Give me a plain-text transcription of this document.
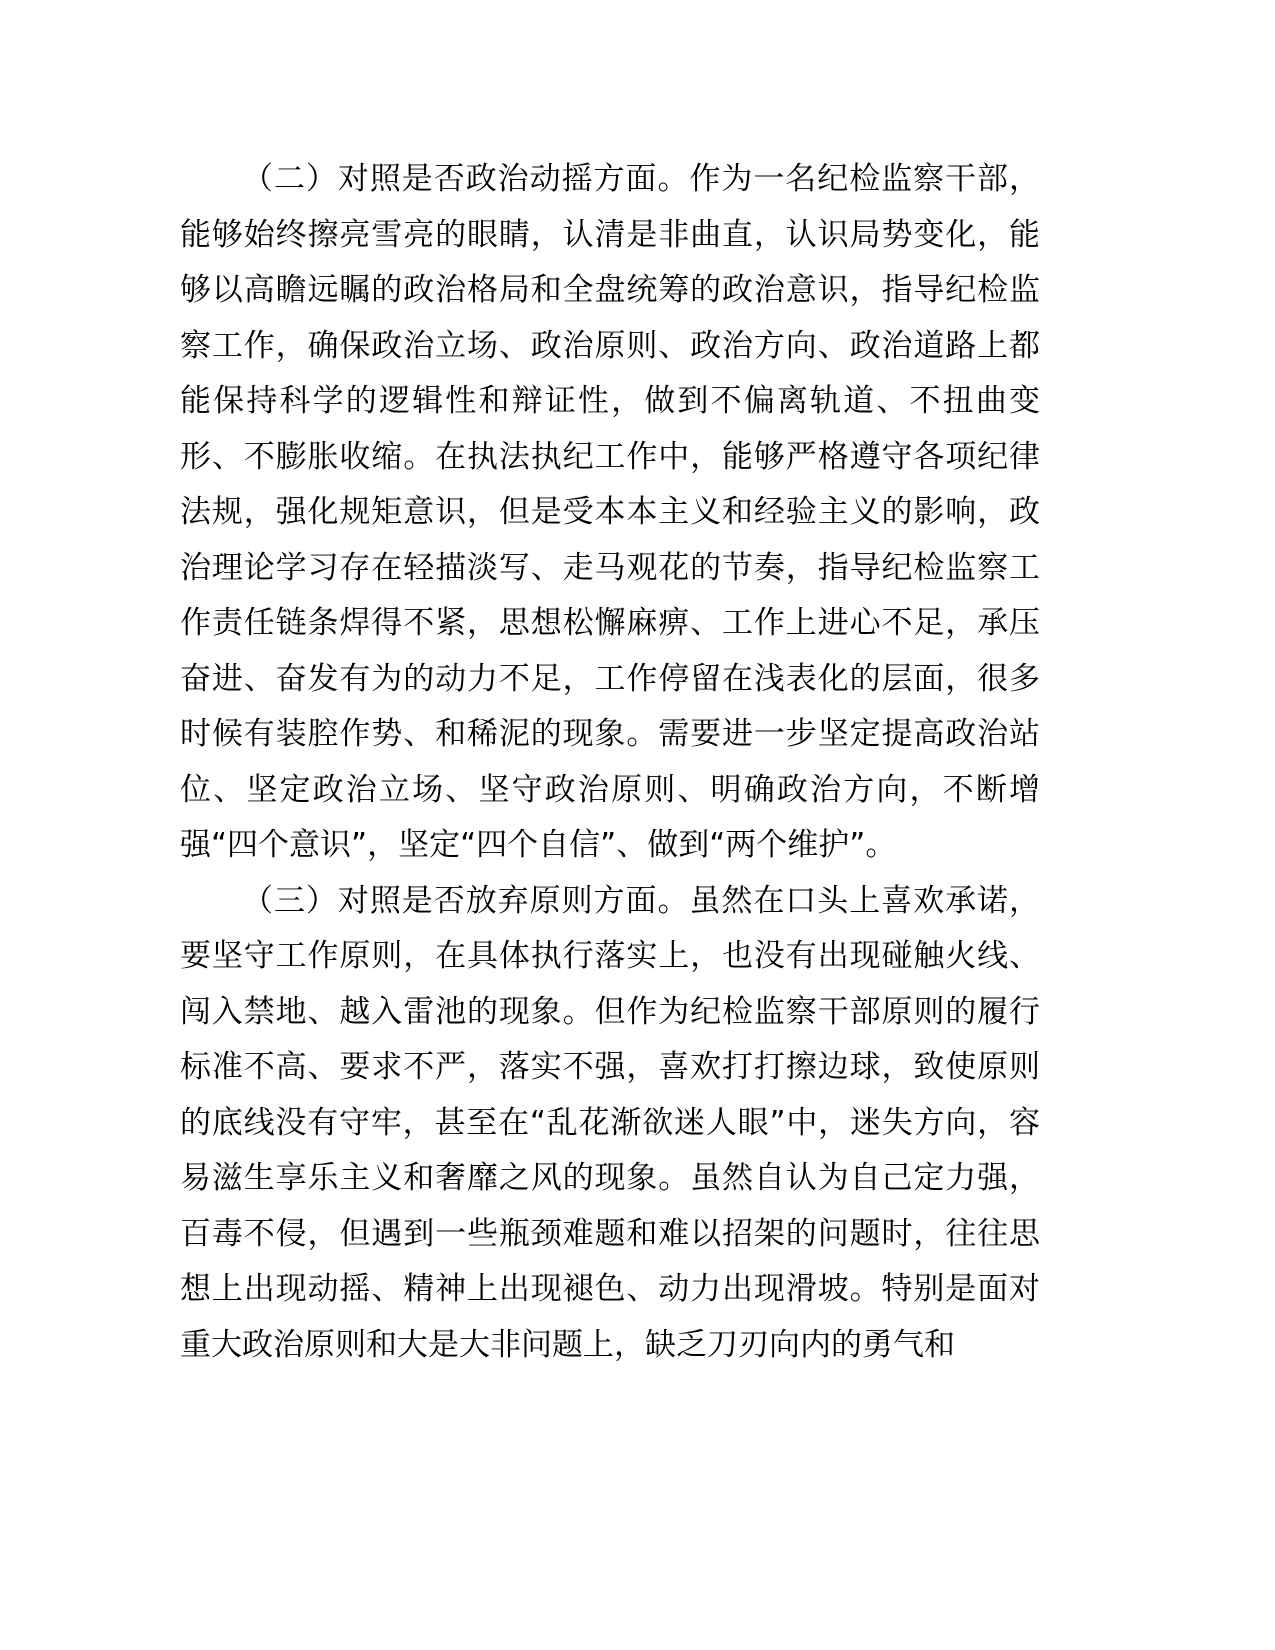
（二）对照是否政治动摇方面。作为一名纪检监察干部，能够始终擦亮雪亮的眼睛，认清是非曲直，认识局势变化，能够以高瞻远瞩的政治格局和全盘统筹的政治意识，指导纪检监察工作，确保政治立场、政治原则、政治方向、政治道路上都能保持科学的逻辑性和辩证性，做到不偏离轨道、不扭曲变形、不膨胀收缩。在执法执纪工作中，能够严格遵守各项纪律法规，强化规矩意识，但是受本本主义和经验主义的影响，政治理论学习存在轻描淡写、走马观花的节奏，指导纪检监察工作责任链条焊得不紧，思想松懈麻痹、工作上进心不足，承压奋进、奋发有为的动力不足，工作停留在浅表化的层面，很多时候有装腔作势、和稀泥的现象。需要进一步坚定提高政治站位、坚定政治立场、坚守政治原则、明确政治方向，不断增强“四个意识”，坚定“四个自信”、做到“两个维护”。

（三）对照是否放弃原则方面。虽然在口头上喜欢承诺，要坚守工作原则，在具体执行落实上，也没有出现碰触火线、闯入禁地、越入雷池的现象。但作为纪检监察干部原则的履行标准不高、要求不严，落实不强，喜欢打打擦边球，致使原则的底线没有守牢，甚至在“乱花渐欲迷人眼”中，迷失方向，容易滋生享乐主义和奢靡之风的现象。虽然自认为自己定力强，百毒不侵，但遇到一些瓶颈难题和难以招架的问题时，往往思想上出现动摇、精神上出现褪色、动力出现滑坡。特别是面对重大政治原则和大是大非问题上，缺乏刀刃向内的勇气和
